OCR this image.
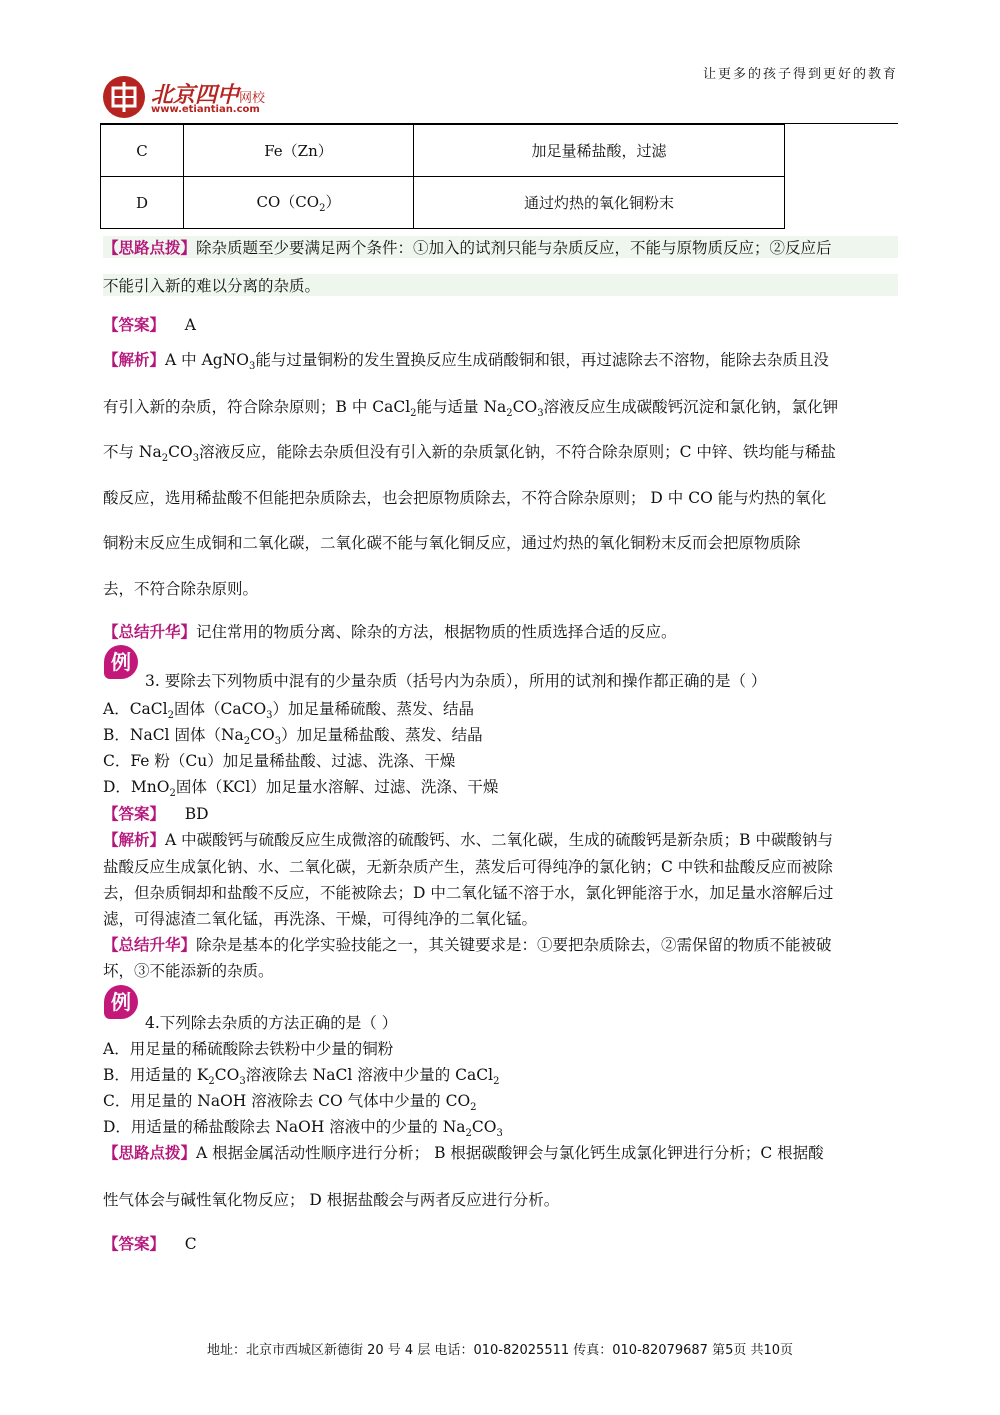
让更多的孩子得到更好的教育
北京四中网校
www.etiantian.com
C	Fe（Zn）	加足量稀盐酸，过滤
D	$CO(CO_2)$	通过灼热的氧化铜粉末
【思路点拨】除杂质题至少要满足两个条件：①加入的试剂只能与杂质反应，不能与原物质反应；②反应后
不能引入新的难以分离的杂质。
【答案】 A
【解析】A 中 AgNO$_3$能与过量铜粉的发生置换反应生成硝酸铜和银，再过滤除去不溶物，能除去杂质且没
有引入新的杂质，符合除杂原则；B 中 CaCl$_2$能与适量 $Na_2CO_3$溶液反应生成碳酸钙沉淀和氯化钠，氯化钾
不与 $Na_2CO_3$溶液反应，能除去杂质但没有引入新的杂质氯化钠，不符合除杂原则；C 中锌、铁均能与稀盐
酸反应，选用稀盐酸不但能把杂质除去，也会把原物质除去，不符合除杂原则； D 中 CO 能与灼热的氧化
铜粉末反应生成铜和二氧化碳，二氧化碳不能与氧化铜反应，通过灼热的氧化铜粉末反而会把原物质除
去，不符合除杂原则。
【总结升华】记住常用的物质分离、除杂的方法，根据物质的性质选择合适的反应。
例
3. 要除去下列物质中混有的少量杂质（括号内为杂质），所用的试剂和操作都正确的是（ ）
A．CaCl$_2$固体（CaCO$_3$）加足量稀硫酸、蒸发、结晶
B．NaCl 固体$(Na_2CO_3)$加足量稀盐酸、蒸发、结晶
C．Fe 粉（Cu）加足量稀盐酸、过滤、洗涤、干燥
D．MnO$_2$固体（KCl）加足量水溶解、过滤、洗涤、干燥
【答案】 BD
【解析】A 中碳酸钙与硫酸反应生成微溶的硫酸钙、水、二氧化碳，生成的硫酸钙是新杂质；B 中碳酸钠与
盐酸反应生成氯化钠、水、二氧化碳，无新杂质产生，蒸发后可得纯净的氯化钠；C 中铁和盐酸反应而被除
去，但杂质铜却和盐酸不反应，不能被除去；D 中二氧化锰不溶于水，氯化钾能溶于水，加足量水溶解后过
滤，可得滤渣二氧化锰，再洗涤、干燥，可得纯净的二氧化锰。
【总结升华】除杂是基本的化学实验技能之一，其关键要求是：①要把杂质除去，②需保留的物质不能被破
坏，③不能添新的杂质。
例
4.下列除去杂质的方法正确的是（ ）
A．用足量的稀硫酸除去铁粉中少量的铜粉
B．用适量的 $K_2CO_3$溶液除去 NaCl 溶液中少量的 CaCl$_2$
C．用足量的 NaOH 溶液除去 CO 气体中少量的 $CO_2$
D．用适量的稀盐酸除去 NaOH 溶液中的少量的 $Na_2CO_3$
【思路点拨】A 根据金属活动性顺序进行分析； B 根据碳酸钾会与氯化钙生成氯化钾进行分析；C 根据酸
性气体会与碱性氧化物反应； D 根据盐酸会与两者反应进行分析。
【答案】 C
地址：北京市西城区新德街 20 号 4 层 电话：010-82025511 传真：010-82079687 第5页 共10页
